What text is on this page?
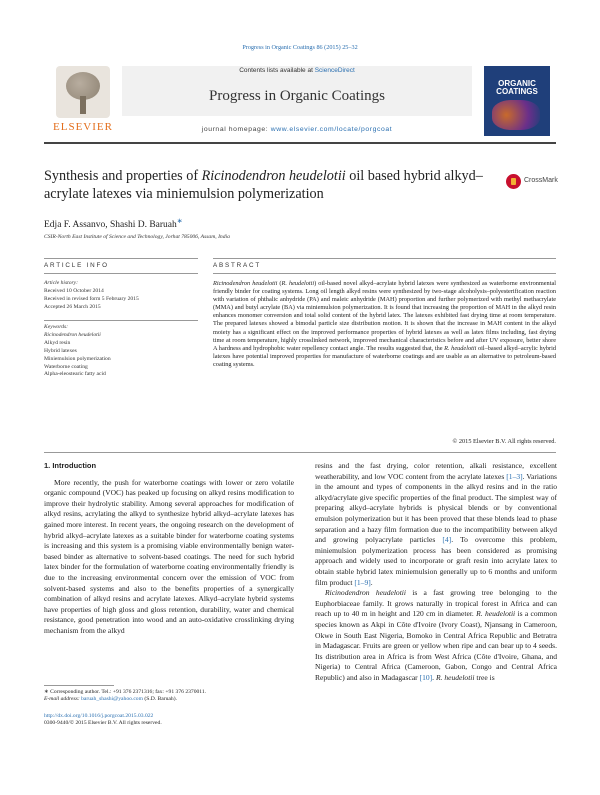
Progress in Organic Coatings 86 (2015) 25–32
ELSEVIER
Contents lists available at ScienceDirect
Progress in Organic Coatings
journal homepage: www.elsevier.com/locate/porgcoat
ORGANIC COATINGS
Synthesis and properties of Ricinodendron heudelotii oil based hybrid alkyd–acrylate latexes via miniemulsion polymerization
CrossMark
Edja F. Assanvo, Shashi D. Baruah∗
CSIR-North East Institute of Science and Technology, Jorhat 785006, Assam, India
ARTICLE INFO
Article history:
Received 10 October 2014
Received in revised form 5 February 2015
Accepted 26 March 2015
Keywords:
Ricinodendron heudelotii
Alkyd resin
Hybrid latexes
Miniemulsion polymerization
Waterborne coating
Alpha-eleostearic fatty acid
ABSTRACT
Ricinodendron heudelotii (R. heudelotii) oil-based novel alkyd–acrylate hybrid latexes were synthesized as waterborne environmental friendly binder for coating systems. Long oil length alkyd resins were synthesized by two-stage alcoholysis–polyesterification reaction with variation of phthalic anhydride (PA) and maleic anhydride (MAH) proportion and further polymerized with methyl methacrylate (MMA) and butyl acrylate (BA) via miniemulsion polymerization. It is found that increasing the proportion of MAH in the alkyd resin enhances monomer conversion and total solid content of the hybrid latex. The latexes exhibited fast drying time at room temperature. The prepared latexes showed a bimodal particle size distribution motion. It is shown that the increase in MAH content in the alkyd moiety has a significant effect on the improved performance properties of hybrid latexes as well as latex films including, fast drying time at room temperature, highly crosslinked network, improved mechanical characteristics before and after UV exposure, better shore A hardness and hydrophobic water repellency contact angle. The results suggested that, the R. heudelotii oil–based alkyd–acrylic hybrid latexes have potential improved properties for manufacture of waterborne coatings and are usable as an alternative to petroleum-based coating systems.
© 2015 Elsevier B.V. All rights reserved.
1. Introduction

More recently, the push for waterborne coatings with lower or zero volatile organic compound (VOC) has peaked up focusing on alkyd resins modification to improve their hydrolytic stability. Among several approaches for modification of alkyd resins, acrylating the alkyd to synthesize hybrid alkyd–acrylate latexes has gained more interest. In recent years, the ongoing research on the development of hybrid alkyd–acrylate latexes as a suitable binder for waterborne coating systems is increasing and this system is a promising viable environmentally benign water-based binder as alternative to solvent-based coatings. The need for such hybrid latex binder for the formulation of waterborne coating environmentally friendly is due to the increasing environmental concern over the emission of VOC from solvent-based systems and also to the benefits properties of a synergically combination of alkyd resins and acrylate latexes. Alkyd–acrylate hybrid systems have properties of high gloss and gloss retention, durability, water and chemical resistance, good penetration into wood and an auto-oxidative crosslinking drying mechanism from the alkyd

resins and the fast drying, color retention, alkali resistance, excellent weatherability, and low VOC content from the acrylate latexes [1–3]. Variations in the amount and types of components in the alkyd resins and in the ratio alkyd/acrylate give specific properties of the final product. The simplest way of preparing alkyd–acrylate hybrids is physical blends or by conventional emulsion polymerization but it has been proved that these blends lead to phase separation and a hazy film formation due to the incompatibility between alkyd and growing polyacrylate particles [4]. To overcome this problem, miniemulsion polymerization process has been considered as promising approach and widely used to incorporate or graft resin into acrylate latex to obtain stable hybrid latex miniemulsion generally up to 6 months and uniform film product [1–9].

Ricinodendron heudelotii is a fast growing tree belonging to the Euphorbiaceae family. It grows naturally in tropical forest in Africa and can reach up to 40 m in height and 120 cm in diameter. R. heudelotii is a common species known as Akpi in Côte d'Ivoire (Ivory Coast), Njansang in Cameroon, Okwe in South East Nigeria, Bomoko in Central Africa Republic and Betratra in Madagascar. Fruits are green or yellow when ripe and can bear up to 4 seeds. Its distribution area in Africa is from West Africa (Côte d'Ivoire, Ghana, and Nigeria) to Central Africa (Cameroon, Gabon, Congo and Central Africa Republic) and also in Madagascar [10]. R. heudelotii tree is

∗ Corresponding author. Tel.: +91 376 2371316; fax: +91 376 2370011.
E-mail address: baruah_shashi@yahoo.com (S.D. Baruah).
http://dx.doi.org/10.1016/j.porgcoat.2015.03.022
0300-9440/© 2015 Elsevier B.V. All rights reserved.
